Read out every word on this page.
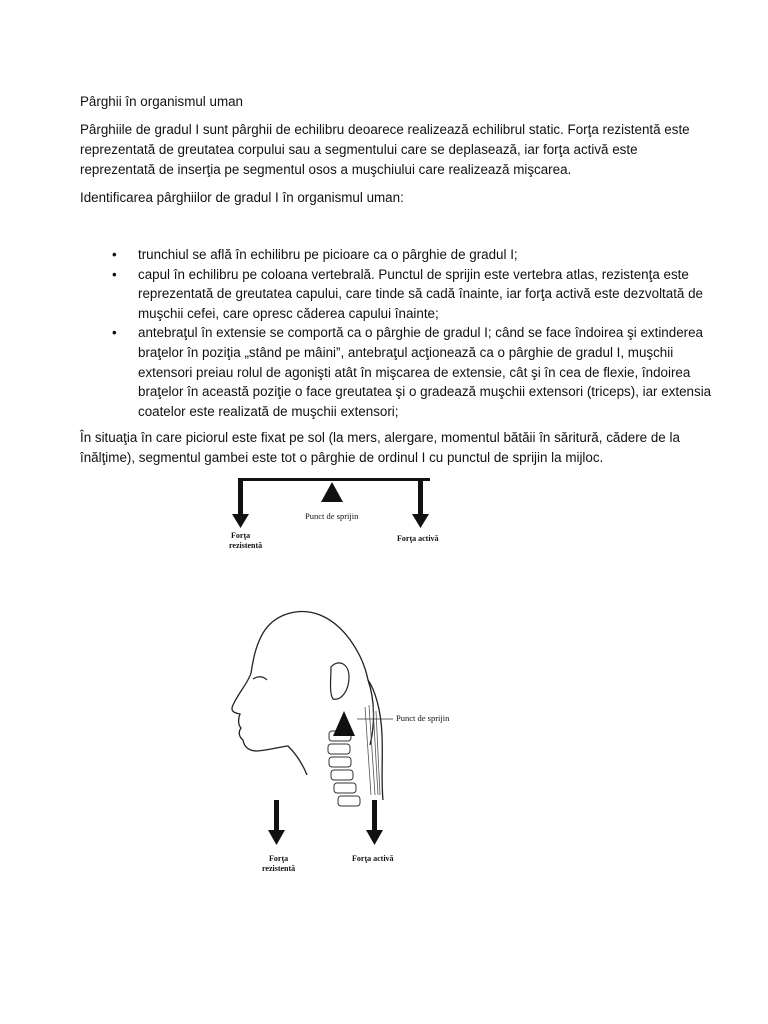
Pârghii în organismul uman

Pârghiile de gradul I sunt pârghii de echilibru deoarece realizează echilibrul static. Forţa rezistentă este reprezentată de greutatea corpului sau a segmentului care se deplasează, iar forţa activă este reprezentată de inserţia pe segmentul osos a muşchiului care realizează mişcarea.

Identificarea pârghiilor de gradul I în organismul uman:

• trunchiul se află în echilibru pe picioare ca o pârghie de gradul I;
• capul în echilibru pe coloana vertebrală. Punctul de sprijin este vertebra atlas, rezistenţa este reprezentată de greutatea capului, care tinde să cadă înainte, iar forţa activă este dezvoltată de muşchii cefei, care opresc căderea capului înainte;
• antebraţul în extensie se comportă ca o pârghie de gradul I; când se face îndoirea şi extinderea braţelor în poziţia „stând pe mâini”, antebraţul acţionează ca o pârghie de gradul I, muşchii extensori preiau rolul de agonişti atât în mişcarea de extensie, cât şi în cea de flexie, îndoirea braţelor în această poziţie o face greutatea şi o gradează muşchii extensori (triceps), iar extensia coatelor este realizată de muşchii extensori;

În situaţia în care piciorul este fixat pe sol (la mers, alergare, momentul bătăii în săritură, cădere de la înălţime), segmentul gambei este tot o pârghie de ordinul I cu punctul de sprijin la mijloc.

Punct de sprijin
Forţa
rezistentă
Forţa activă
Punct de sprijin
Forţa
rezistentă
Forţa activă
